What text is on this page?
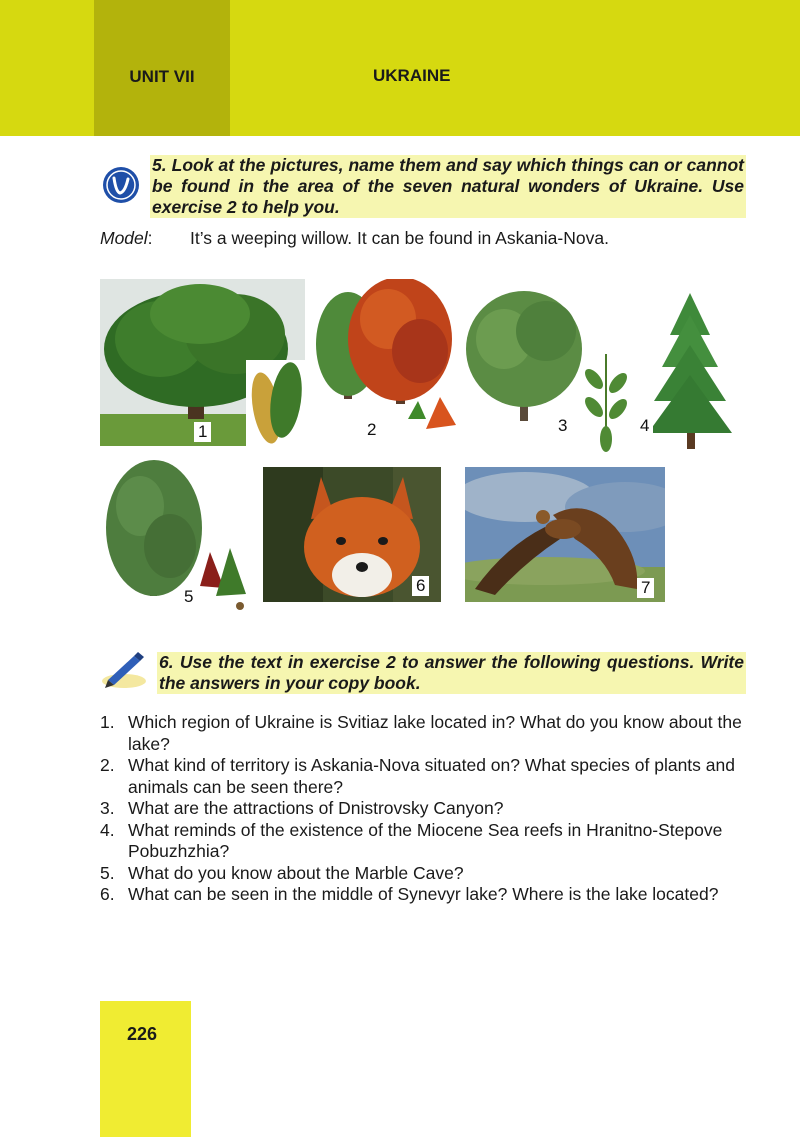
UNIT VII	UKRAINE
5. Look at the pictures, name them and say which things can or cannot be found in the area of the seven natural wonders of Ukraine. Use exercise 2 to help you.
Model: It’s a weeping willow. It can be found in Askania-Nova.
1	2	3	4
5
6	7
6. Use the text in exercise 2 to answer the following questions. Write the answers in your copy book.
1. Which region of Ukraine is Svitiaz lake located in? What do you know about the lake?
2. What kind of territory is Askania-Nova situated on? What species of plants and animals can be seen there?
3. What are the attractions of Dnistrovsky Canyon?
4. What reminds of the existence of the Miocene Sea reefs in Hranitno-Stepove Pobuzhzhia?
5. What do you know about the Marble Cave?
6. What can be seen in the middle of Synevyr lake? Where is the lake located?
226
